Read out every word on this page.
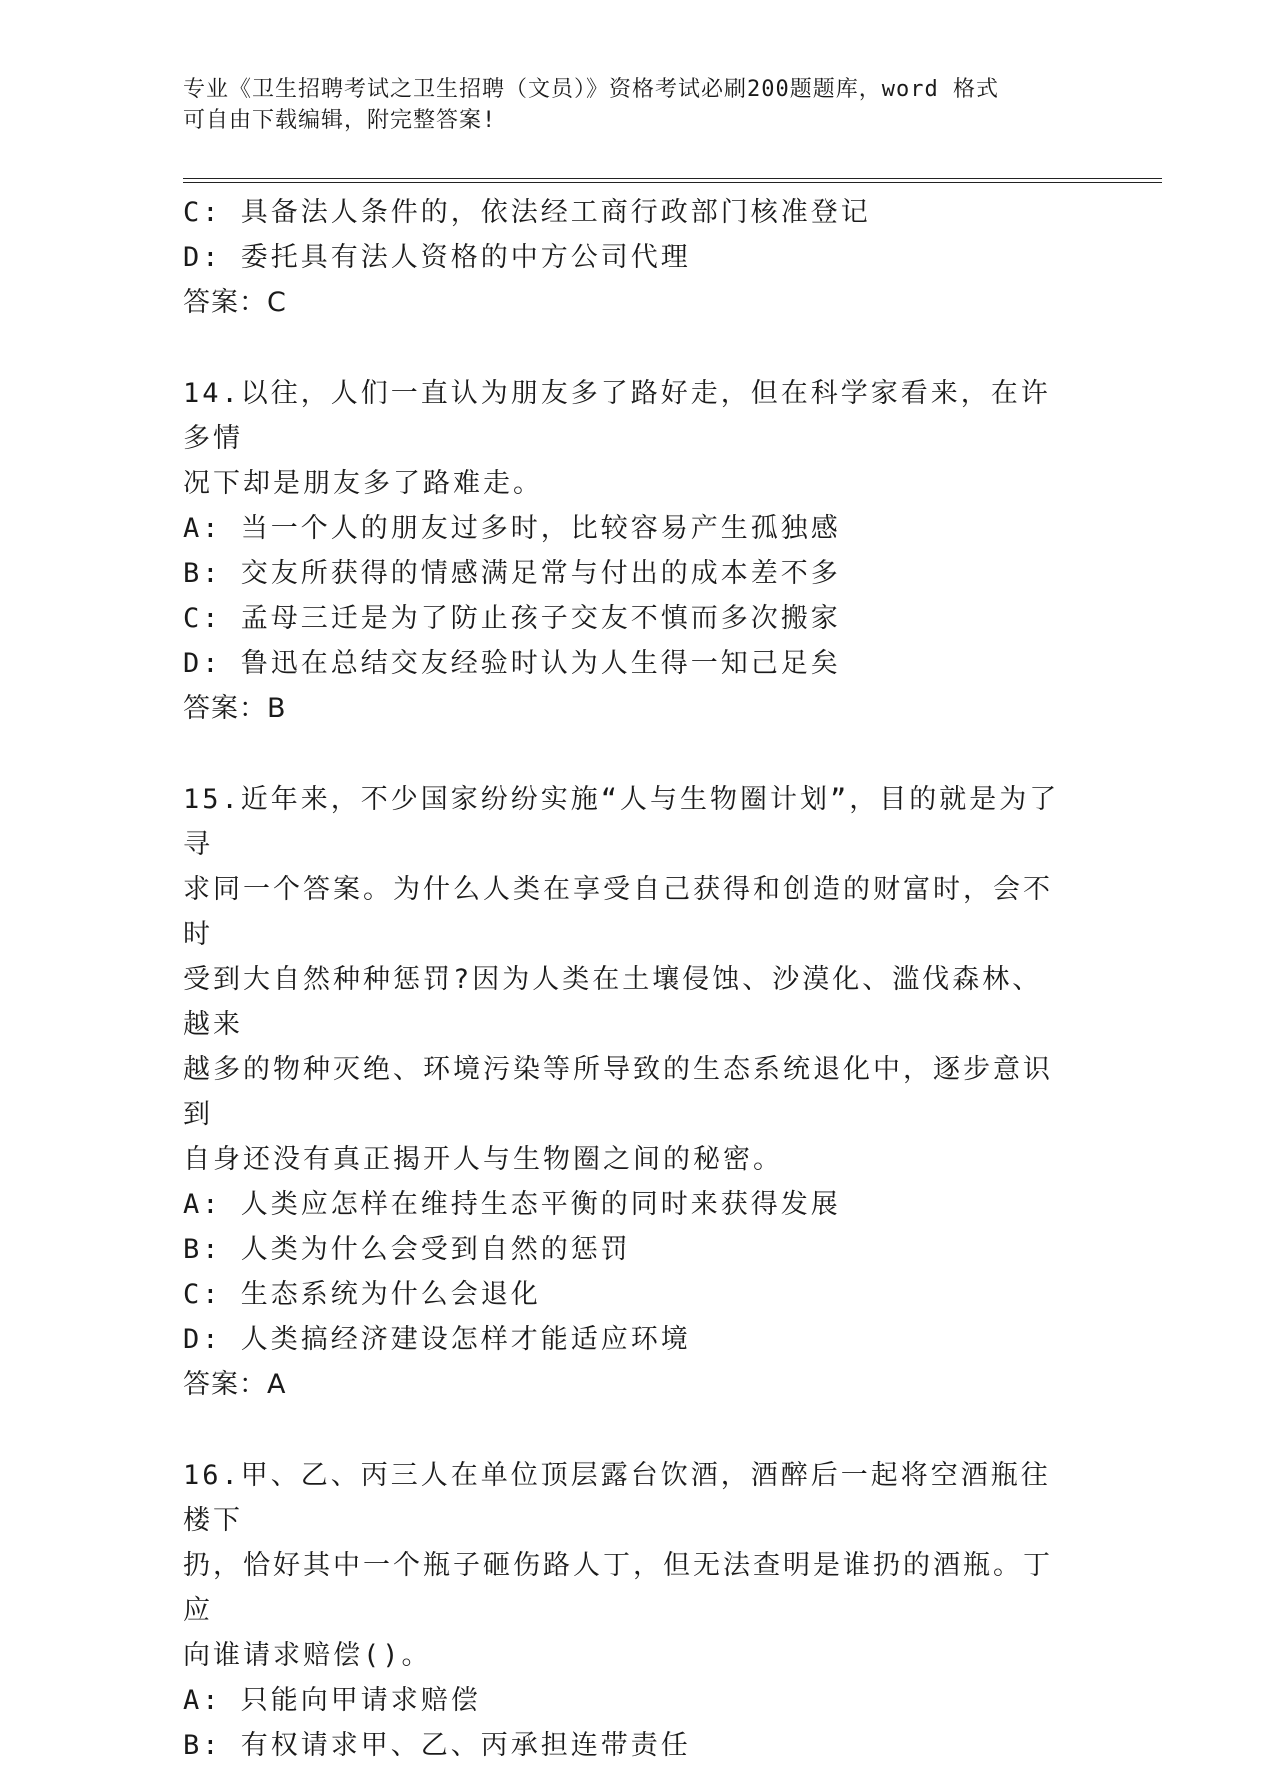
专业《卫生招聘考试之卫生招聘（文员）》资格考试必刷200题题库，word 格式
可自由下载编辑，附完整答案!
C: 具备法人条件的，依法经工商行政部门核准登记
D: 委托具有法人资格的中方公司代理
答案：C
14.以往，人们一直认为朋友多了路好走，但在科学家看来，在许多情
况下却是朋友多了路难走。
A: 当一个人的朋友过多时，比较容易产生孤独感
B: 交友所获得的情感满足常与付出的成本差不多
C: 孟母三迁是为了防止孩子交友不慎而多次搬家
D: 鲁迅在总结交友经验时认为人生得一知己足矣
答案：B
15.近年来，不少国家纷纷实施“人与生物圈计划”，目的就是为了寻
求同一个答案。为什么人类在享受自己获得和创造的财富时，会不时
受到大自然种种惩罚?因为人类在土壤侵蚀、沙漠化、滥伐森林、越来
越多的物种灭绝、环境污染等所导致的生态系统退化中，逐步意识到
自身还没有真正揭开人与生物圈之间的秘密。
A: 人类应怎样在维持生态平衡的同时来获得发展
B: 人类为什么会受到自然的惩罚
C: 生态系统为什么会退化
D: 人类搞经济建设怎样才能适应环境
答案：A
16.甲、乙、丙三人在单位顶层露台饮酒，酒醉后一起将空酒瓶往楼下
扔，恰好其中一个瓶子砸伤路人丁，但无法查明是谁扔的酒瓶。丁应
向谁请求赔偿()。
A: 只能向甲请求赔偿
B: 有权请求甲、乙、丙承担连带责任
